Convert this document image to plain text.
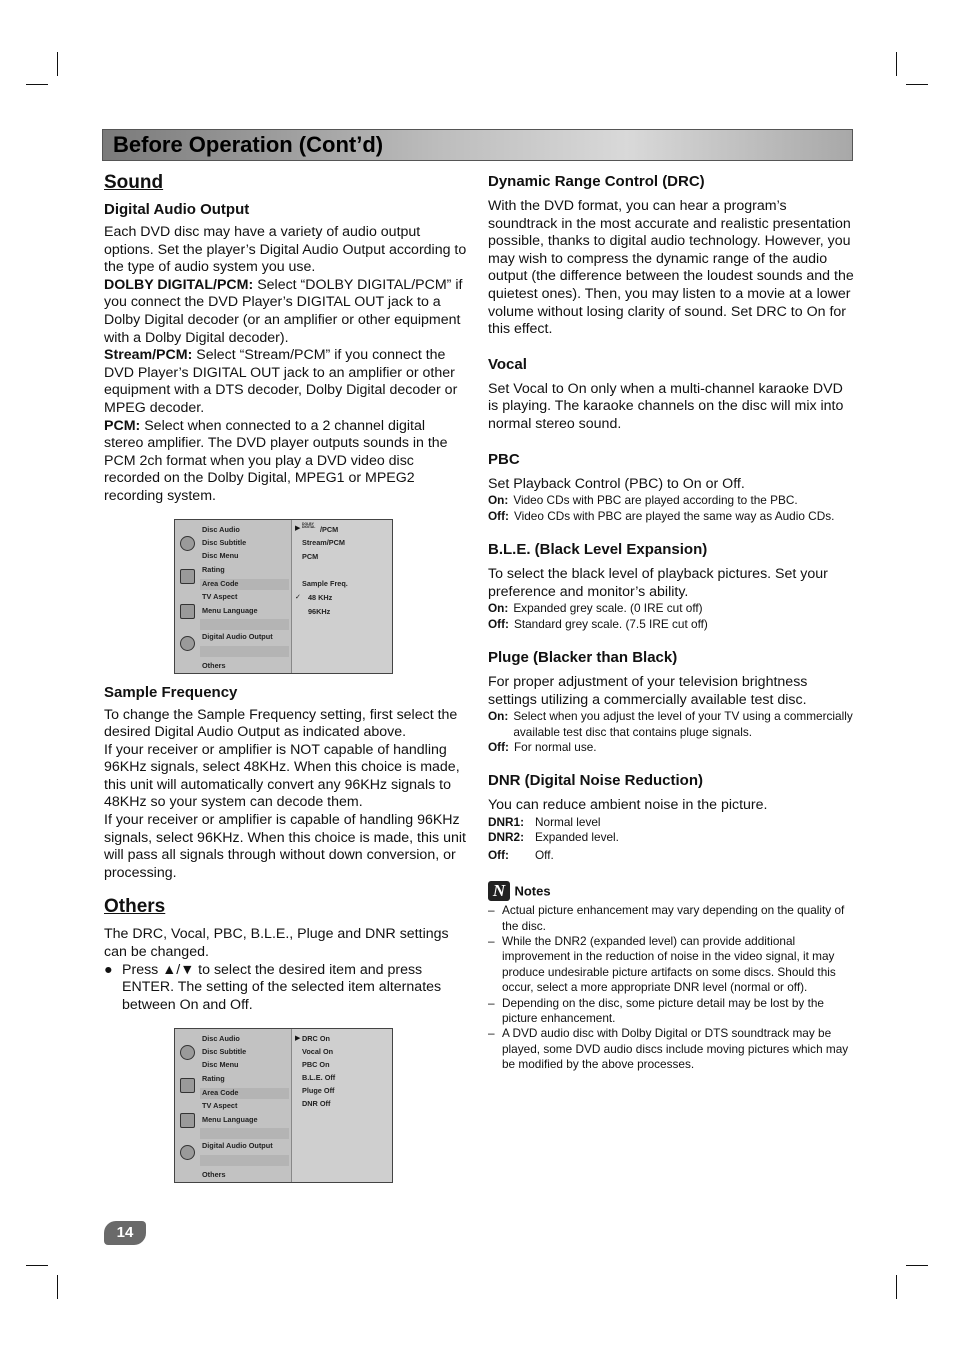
Before Operation (Cont’d)
Sound
Digital Audio Output

Each DVD disc may have a variety of audio output options. Set the player’s Digital Audio Output according to the type of audio system you use.

DOLBY DIGITAL/PCM: Select “DOLBY DIGITAL/PCM” if you connect the DVD Player’s DIGITAL OUT jack to a Dolby Digital decoder (or an amplifier or other equipment with a Dolby Digital decoder).

Stream/PCM: Select “Stream/PCM” if you connect the DVD Player’s DIGITAL OUT jack to an amplifier or other equipment with a DTS decoder, Dolby Digital decoder or MPEG decoder.

PCM: Select when connected to a 2 channel digital stereo amplifier. The DVD player outputs sounds in the PCM 2ch format when you play a DVD video disc recorded on the Dolby Digital, MPEG1 or MPEG2 recording system.

Disc Audio
Disc Subtitle
Disc Menu
Rating
Area Code
TV Aspect
Menu Language
Digital Audio Output
Others
▶
DOLBY DIGITAL /PCM
Stream/PCM
PCM
Sample Freq.
✓ 48 KHz
96KHz
Sample Frequency

To change the Sample Frequency setting, first select the desired Digital Audio Output as indicated above.

If your receiver or amplifier is NOT capable of handling 96KHz signals, select 48KHz. When this choice is made, this unit will automatically convert any 96KHz signals to 48KHz so your system can decode them.

If your receiver or amplifier is capable of handling 96KHz signals, select 96KHz. When this choice is made, this unit will pass all signals through without down conversion, or processing.

Others

The DRC, Vocal, PBC, B.L.E., Pluge and DNR settings can be changed.

● Press ▲/▼ to select the desired item and press ENTER. The setting of the selected item alternates between On and Off.
Disc Audio
Disc Subtitle
Disc Menu
Rating
Area Code
TV Aspect
Menu Language
Digital Audio Output
Others
▶ DRC On
Vocal On
PBC On
B.L.E. Off
Pluge Off
DNR Off
Dynamic Range Control (DRC)

With the DVD format, you can hear a program’s soundtrack in the most accurate and realistic presentation possible, thanks to digital audio technology. However, you may wish to compress the dynamic range of the audio output (the difference between the loudest sounds and the quietest ones). Then, you may listen to a movie at a lower volume without losing clarity of sound. Set DRC to On for this effect.

Vocal

Set Vocal to On only when a multi-channel karaoke DVD is playing. The karaoke channels on the disc will mix into normal stereo sound.

PBC

Set Playback Control (PBC) to On or Off.

On: Video CDs with PBC are played according to the PBC.
Off: Video CDs with PBC are played the same way as Audio CDs.
B.L.E. (Black Level Expansion)

To select the black level of playback pictures. Set your preference and monitor’s ability.

On: Expanded grey scale. (0 IRE cut off)
Off: Standard grey scale. (7.5 IRE cut off)
Pluge (Blacker than Black)

For proper adjustment of your television brightness settings utilizing a commercially available test disc.

On: Select when you adjust the level of your TV using a commercially available test disc that contains pluge signals.
Off: For normal use.
DNR (Digital Noise Reduction)

You can reduce ambient noise in the picture.

DNR1: Normal level
DNR2: Expanded level.
Off:	Off.
N Notes
– Actual picture enhancement may vary depending on the quality of the disc.
– While the DNR2 (expanded level) can provide additional improvement in the reduction of noise in the video signal, it may produce undesirable picture artifacts on some discs. Should this occur, select a more appropriate DNR level (normal or off).
– Depending on the disc, some picture detail may be lost by the picture enhancement.
– A DVD audio disc with Dolby Digital or DTS soundtrack may be played, some DVD audio discs include moving pictures which may be modified by the above processes.
14
